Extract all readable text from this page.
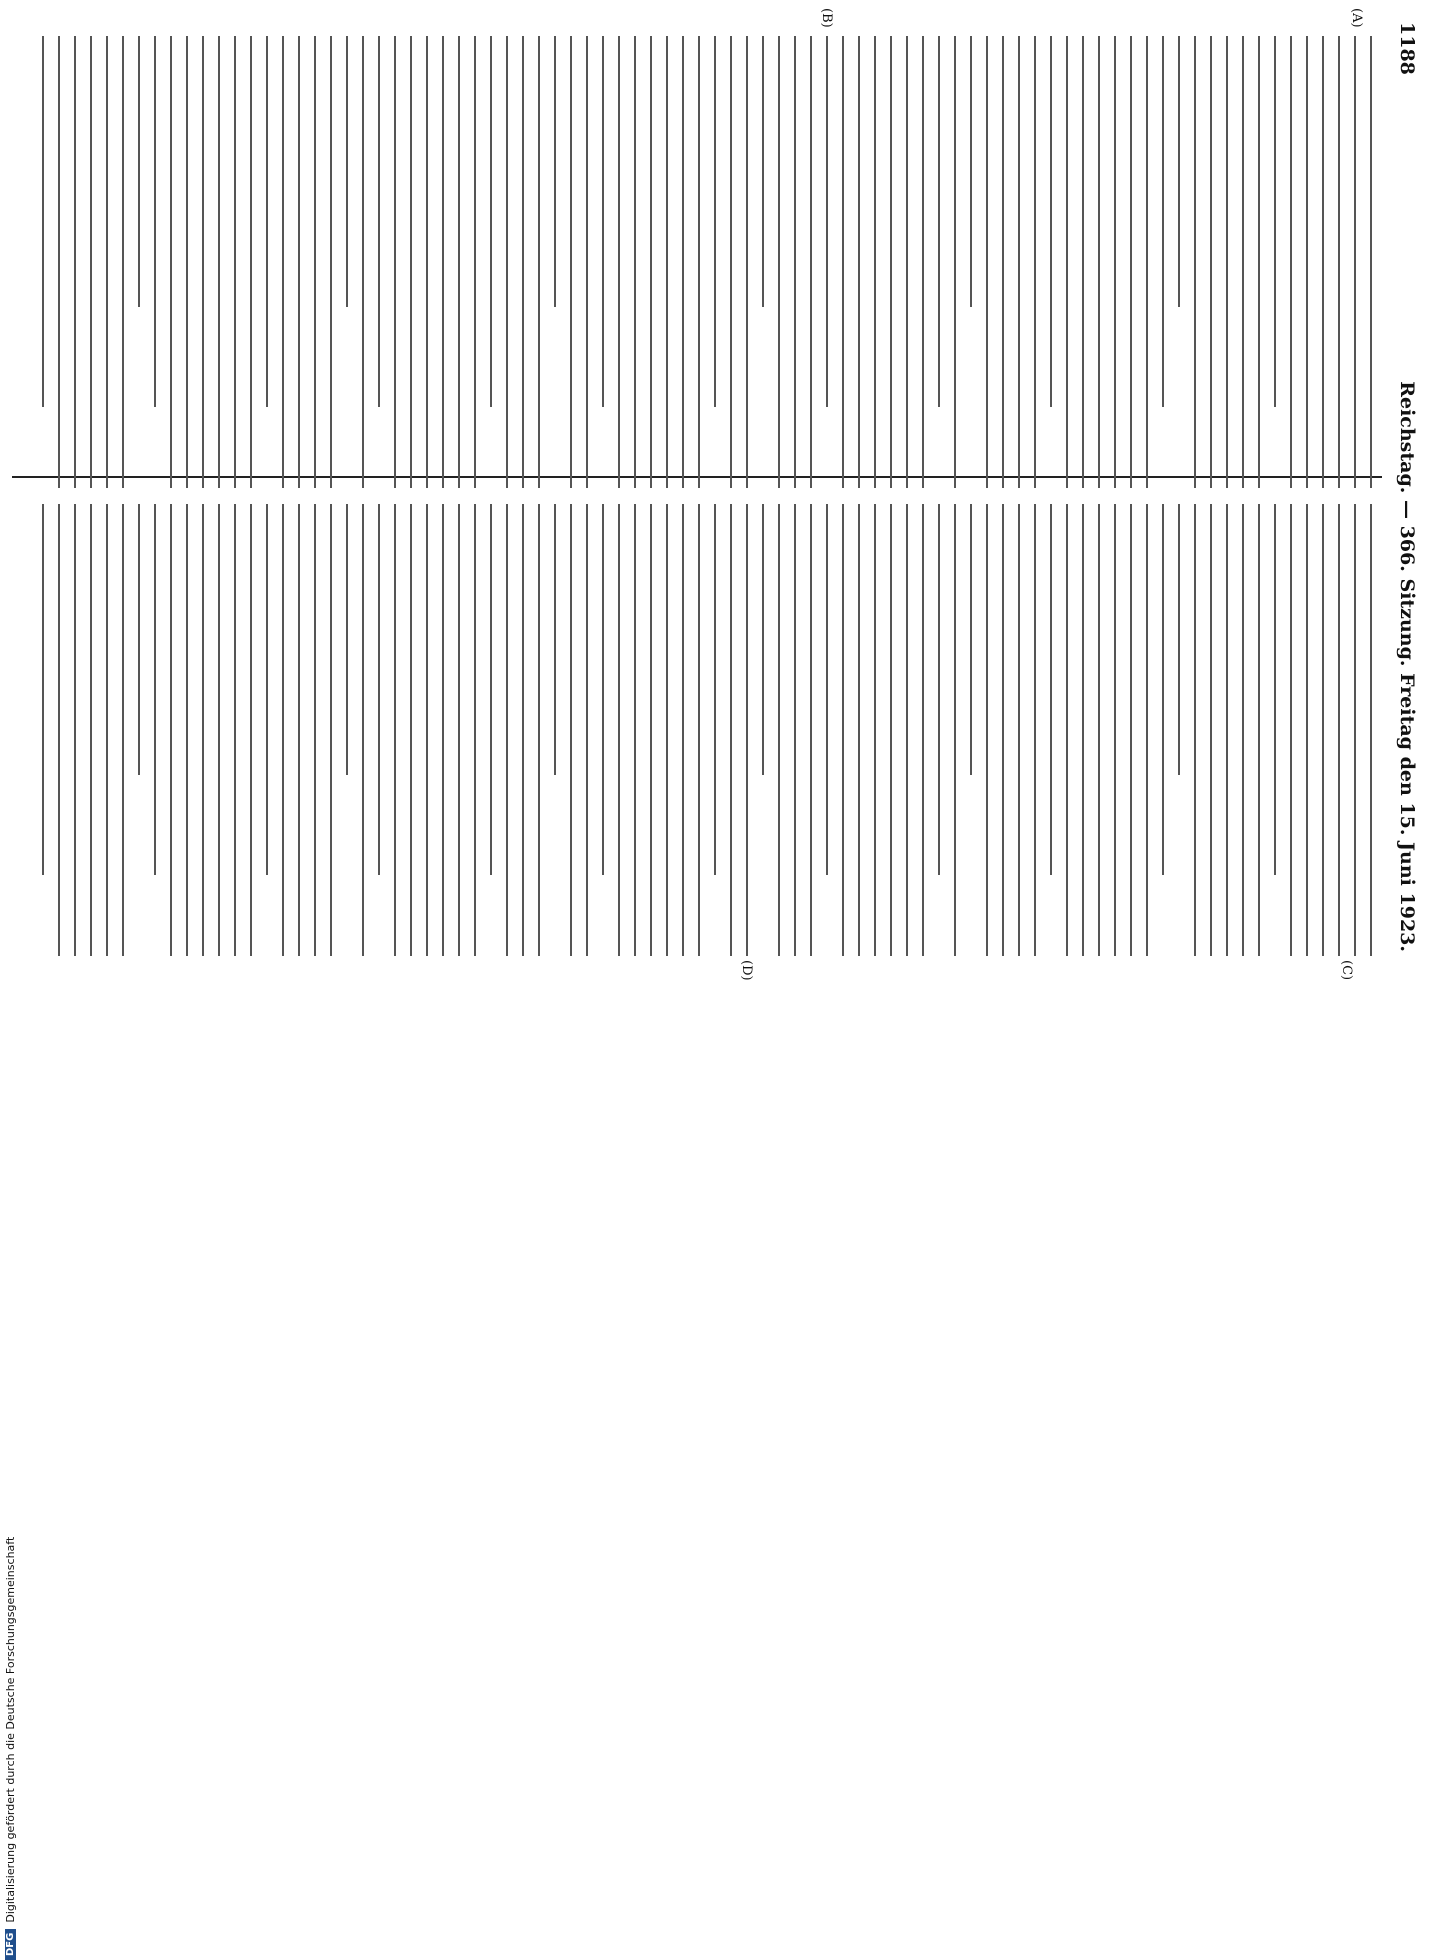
1188
Reichstag. — 366. Sitzung. Freitag den 15. Juni 1923.
(A)
(B)
(C)
(D)
DFG
Digitalisierung gefördert durch die Deutsche Forschungsgemeinschaft
